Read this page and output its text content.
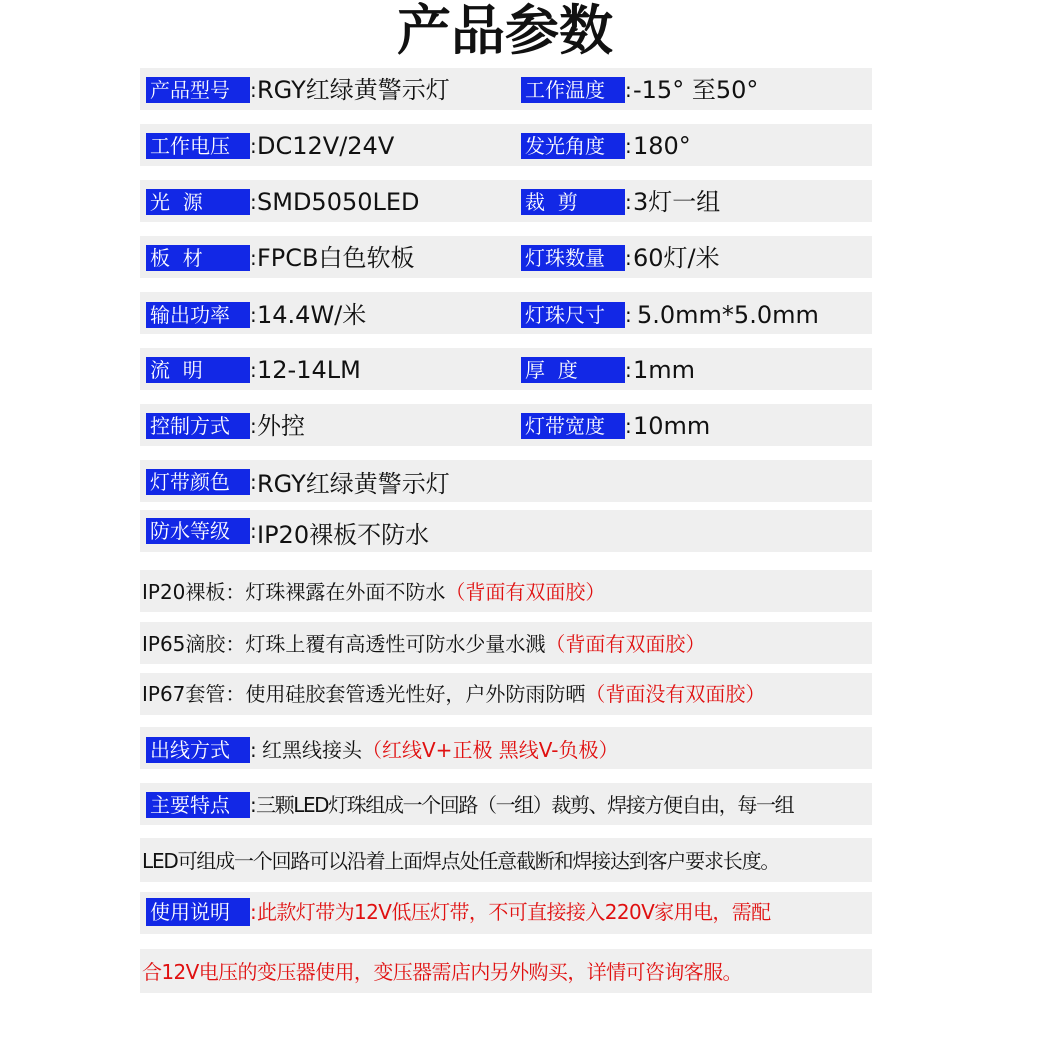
产品参数
产品型号	: RGY红绿黄警示灯	工作温度	: -15° 至50°
工作电压	: DC12V/24V	发光角度	: 180°
光  源	: SMD5050LED	裁  剪	: 3灯一组
板  材	: FPCB白色软板	灯珠数量	: 60灯/米
输出功率	: 14.4W/米	灯珠尺寸	: 5.0mm*5.0mm
流  明	: 12-14LM	厚  度	: 1mm
控制方式	: 外控	灯带宽度	: 10mm
灯带颜色	: RGY红绿黄警示灯
防水等级	: IP20裸板不防水
IP20裸板：灯珠裸露在外面不防水（背面有双面胶）
IP65滴胶：灯珠上覆有高透性可防水少量水溅（背面有双面胶）
IP67套管：使用硅胶套管透光性好，户外防雨防晒（背面没有双面胶）
出线方式	: 红黑线接头（红线V+正极 黑线V-负极）
主要特点	: 三颗LED灯珠组成一个回路（一组）裁剪、焊接方便自由，每一组
LED可组成一个回路可以沿着上面焊点处任意截断和焊接达到客户要求长度。
使用说明	: 此款灯带为12V低压灯带，不可直接接入220V家用电，需配
合12V电压的变压器使用，变压器需店内另外购买，详情可咨询客服。
